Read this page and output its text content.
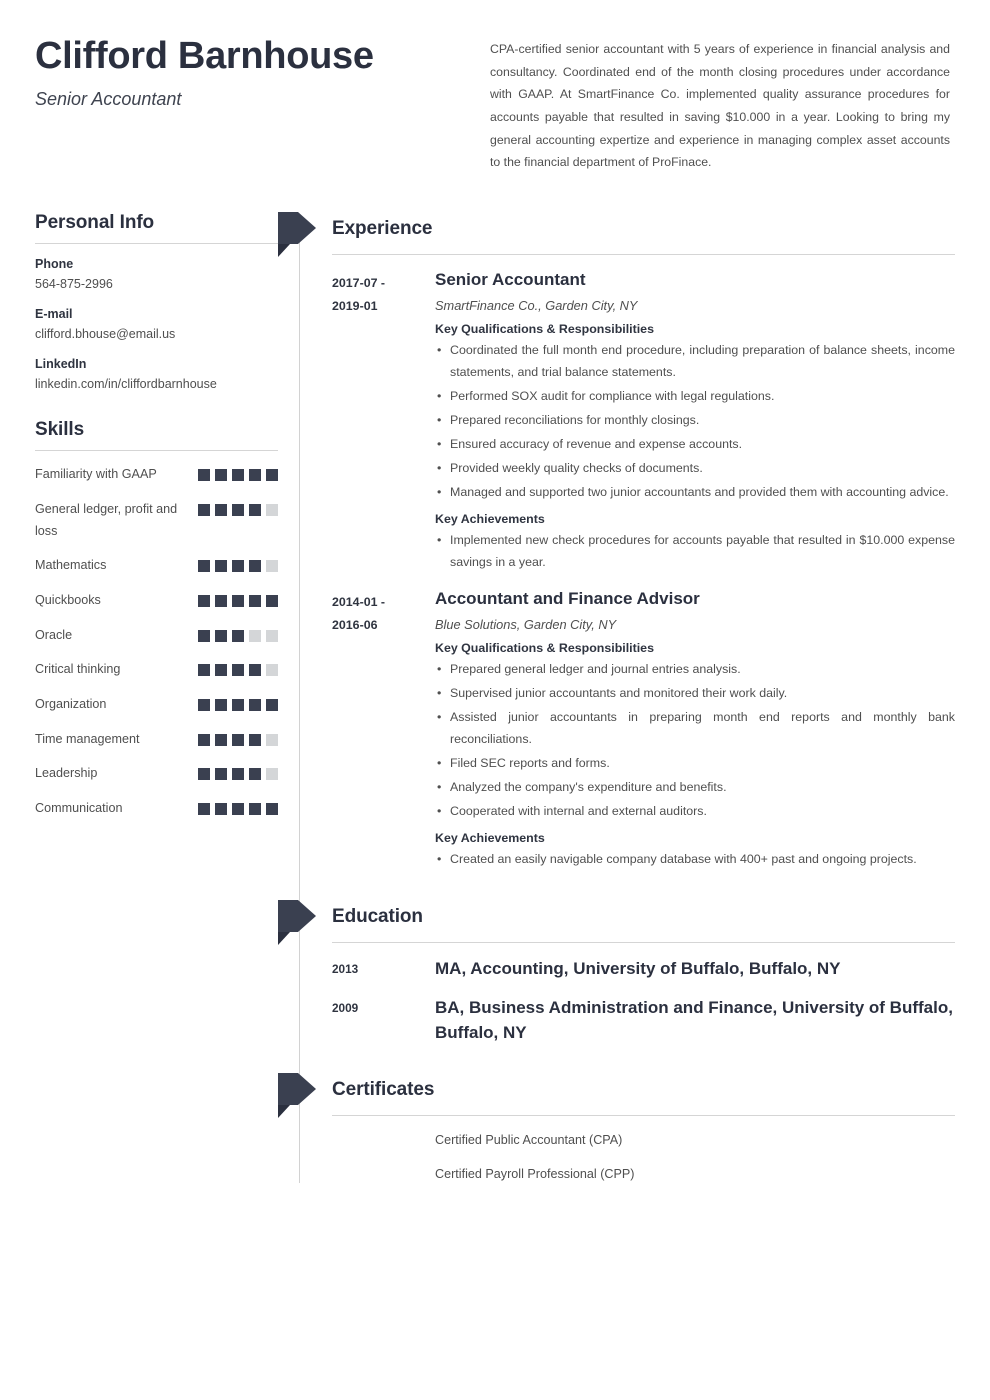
Clifford Barnhouse
Senior Accountant
CPA-certified senior accountant with 5 years of experience in financial analysis and consultancy. Coordinated end of the month closing procedures under accordance with GAAP. At SmartFinance Co. implemented quality assurance procedures for accounts payable that resulted in saving $10.000 in a year. Looking to bring my general accounting expertize and experience in managing complex asset accounts to the financial department of ProFinace.
Personal Info
Phone
564-875-2996
E-mail
clifford.bhouse@email.us
LinkedIn
linkedin.com/in/cliffordbarnhouse
Skills
Familiarity with GAAP
General ledger, profit and loss
Mathematics
Quickbooks
Oracle
Critical thinking
Organization
Time management
Leadership
Communication
Experience
2017-07 -
2019-01
Senior Accountant
SmartFinance Co., Garden City, NY
Key Qualifications & Responsibilities
• Coordinated the full month end procedure, including preparation of balance sheets, income statements, and trial balance statements.
• Performed SOX audit for compliance with legal regulations.
• Prepared reconciliations for monthly closings.
• Ensured accuracy of revenue and expense accounts.
• Provided weekly quality checks of documents.
• Managed and supported two junior accountants and provided them with accounting advice.
Key Achievements
• Implemented new check procedures for accounts payable that resulted in $10.000 expense savings in a year.
2014-01 -
2016-06
Accountant and Finance Advisor
Blue Solutions, Garden City, NY
Key Qualifications & Responsibilities
• Prepared general ledger and journal entries analysis.
• Supervised junior accountants and monitored their work daily.
• Assisted junior accountants in preparing month end reports and monthly bank reconciliations.
• Filed SEC reports and forms.
• Analyzed the company's expenditure and benefits.
• Cooperated with internal and external auditors.
Key Achievements
• Created an easily navigable company database with 400+ past and ongoing projects.
Education
2013	MA, Accounting, University of Buffalo, Buffalo, NY
2009	BA, Business Administration and Finance, University of Buffalo, Buffalo, NY
Certificates
Certified Public Accountant (CPA)
Certified Payroll Professional (CPP)
